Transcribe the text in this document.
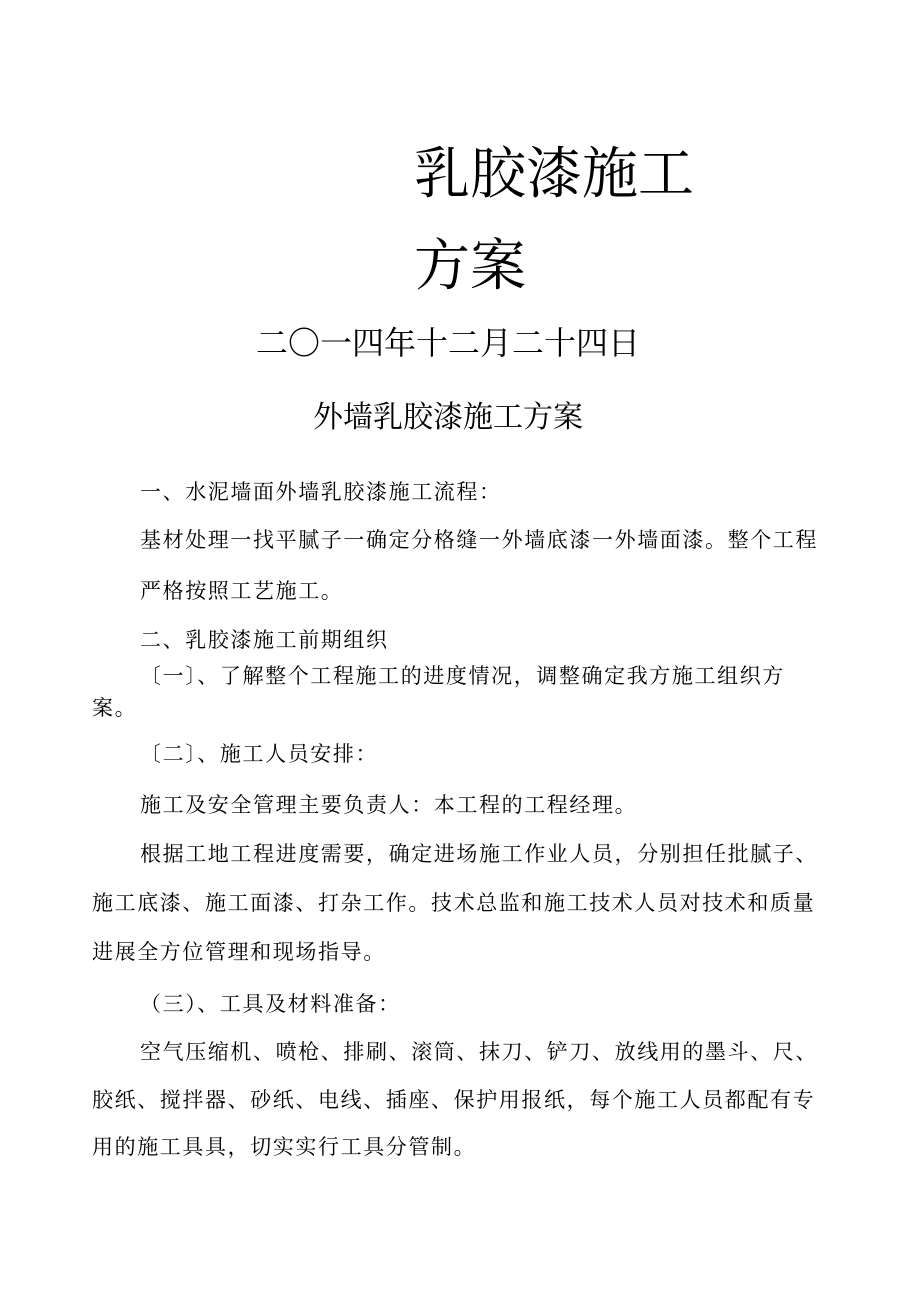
乳胶漆施工
方案
二〇一四年十二月二十四日
外墙乳胶漆施工方案

一、水泥墙面外墙乳胶漆施工流程：

基材处理一找平腻子一确定分格缝一外墙底漆一外墙面漆。整个工程

严格按照工艺施工。

二、乳胶漆施工前期组织

〔一〕、了解整个工程施工的进度情况，调整确定我方施工组织方

案。

〔二〕、施工人员安排：

施工及安全管理主要负责人：本工程的工程经理。

根据工地工程进度需要，确定进场施工作业人员，分别担任批腻子、

施工底漆、施工面漆、打杂工作。技术总监和施工技术人员对技术和质量

进展全方位管理和现场指导。

（三）、工具及材料准备：

空气压缩机、喷枪、排刷、滚筒、抹刀、铲刀、放线用的墨斗、尺、

胶纸、搅拌器、砂纸、电线、插座、保护用报纸，每个施工人员都配有专

用的施工具具，切实实行工具分管制。
